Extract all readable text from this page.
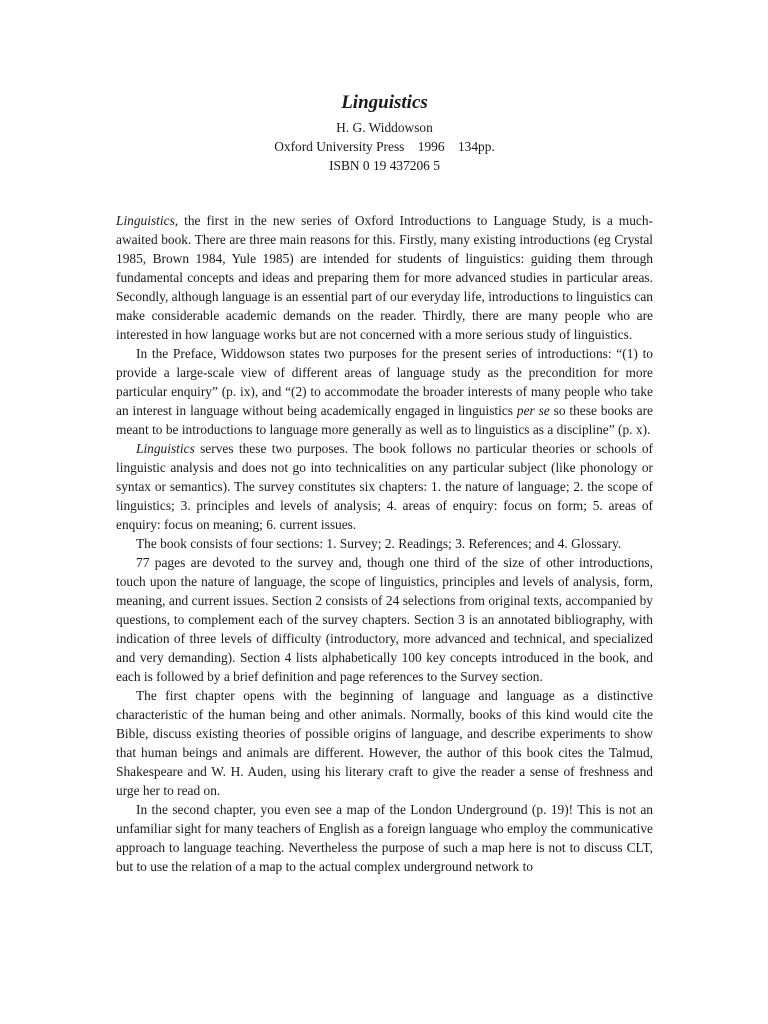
Linguistics

H. G. Widdowson

Oxford University Press 1996 134pp.

ISBN 0 19 437206 5

Linguistics, the first in the new series of Oxford Introductions to Language Study, is a much-awaited book. There are three main reasons for this. Firstly, many existing introductions (eg Crystal 1985, Brown 1984, Yule 1985) are intended for students of linguistics: guiding them through fundamental concepts and ideas and preparing them for more advanced studies in particular areas. Secondly, although language is an essential part of our everyday life, introductions to linguistics can make considerable academic demands on the reader. Thirdly, there are many people who are interested in how language works but are not concerned with a more serious study of linguistics.

In the Preface, Widdowson states two purposes for the present series of introductions: “(1) to provide a large-scale view of different areas of language study as the precondition for more particular enquiry” (p. ix), and “(2) to accommodate the broader interests of many people who take an interest in language without being academically engaged in linguistics per se so these books are meant to be introductions to language more generally as well as to linguistics as a discipline” (p. x).

Linguistics serves these two purposes. The book follows no particular theories or schools of linguistic analysis and does not go into technicalities on any particular subject (like phonology or syntax or semantics). The survey constitutes six chapters: 1. the nature of language; 2. the scope of linguistics; 3. principles and levels of analysis; 4. areas of enquiry: focus on form; 5. areas of enquiry: focus on meaning; 6. current issues.

The book consists of four sections: 1. Survey; 2. Readings; 3. References; and 4. Glossary.

77 pages are devoted to the survey and, though one third of the size of other introductions, touch upon the nature of language, the scope of linguistics, principles and levels of analysis, form, meaning, and current issues. Section 2 consists of 24 selections from original texts, accompanied by questions, to complement each of the survey chapters. Section 3 is an annotated bibliography, with indication of three levels of difficulty (introductory, more advanced and technical, and specialized and very demanding). Section 4 lists alphabetically 100 key concepts introduced in the book, and each is followed by a brief definition and page references to the Survey section.

The first chapter opens with the beginning of language and language as a distinctive characteristic of the human being and other animals. Normally, books of this kind would cite the Bible, discuss existing theories of possible origins of language, and describe experiments to show that human beings and animals are different. However, the author of this book cites the Talmud, Shakespeare and W. H. Auden, using his literary craft to give the reader a sense of freshness and urge her to read on.

In the second chapter, you even see a map of the London Underground (p. 19)! This is not an unfamiliar sight for many teachers of English as a foreign language who employ the communicative approach to language teaching. Nevertheless the purpose of such a map here is not to discuss CLT, but to use the relation of a map to the actual complex underground network to
